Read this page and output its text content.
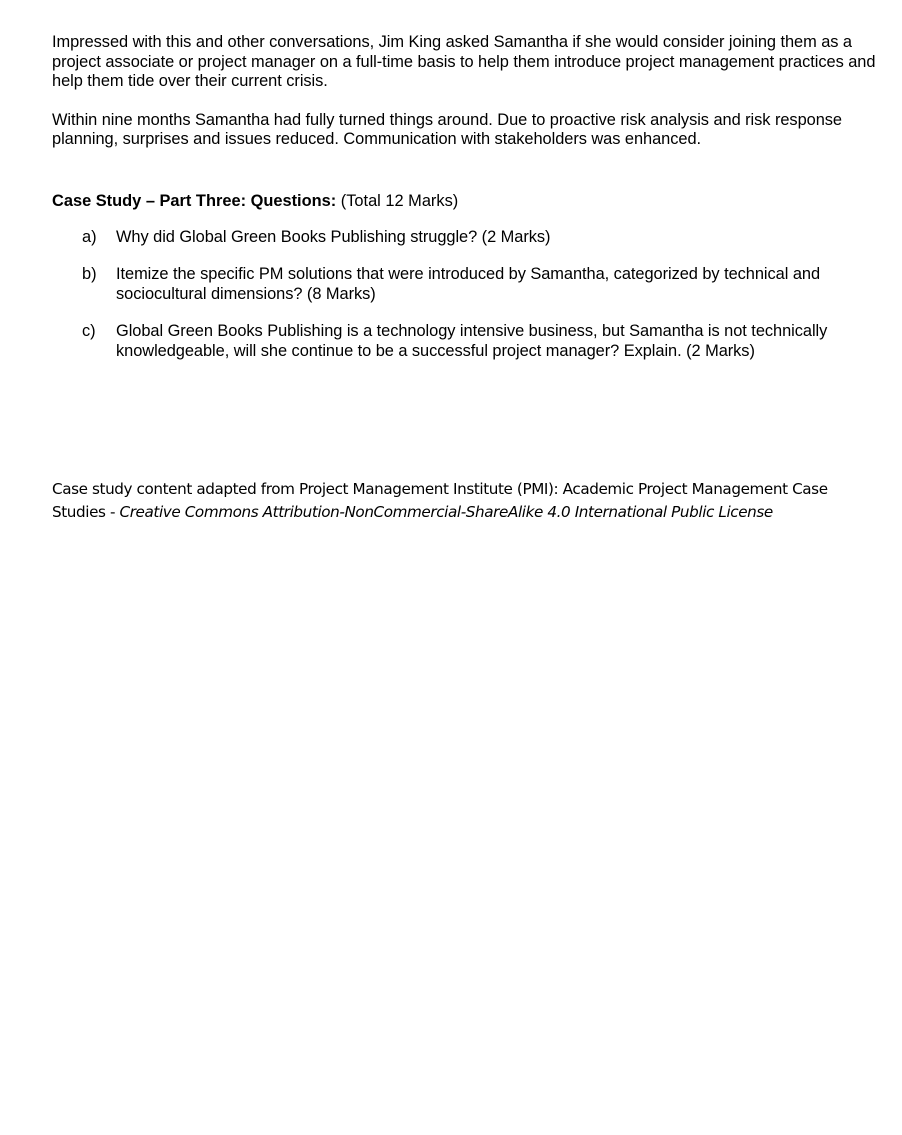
Impressed with this and other conversations, Jim King asked Samantha if she would consider joining them as a project associate or project manager on a full-time basis to help them introduce project management practices and help them tide over their current crisis.

Within nine months Samantha had fully turned things around. Due to proactive risk analysis and risk response planning, surprises and issues reduced. Communication with stakeholders was enhanced.

Case Study – Part Three: Questions: (Total 12 Marks)

a) Why did Global Green Books Publishing struggle? (2 Marks)
b) Itemize the specific PM solutions that were introduced by Samantha, categorized by technical and sociocultural dimensions? (8 Marks)
c) Global Green Books Publishing is a technology intensive business, but Samantha is not technically knowledgeable, will she continue to be a successful project manager? Explain. (2 Marks)

Case study content adapted from Project Management Institute (PMI): Academic Project Management Case Studies - Creative Commons Attribution-NonCommercial-ShareAlike 4.0 International Public License
